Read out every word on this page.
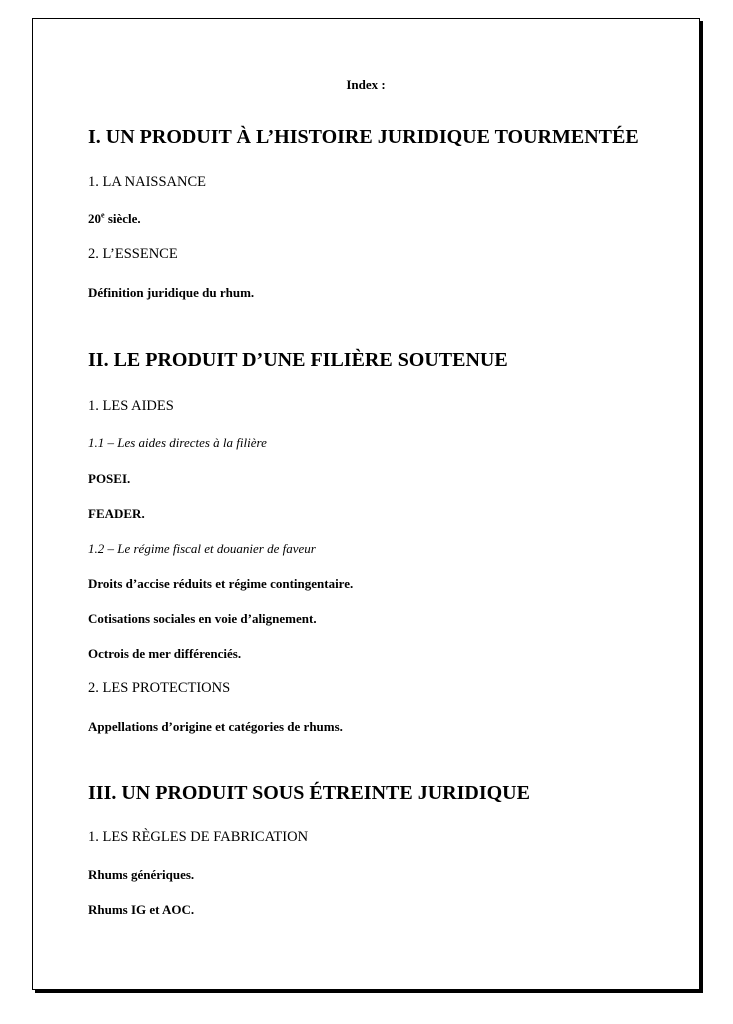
Index :
I. UN PRODUIT À L’HISTOIRE JURIDIQUE TOURMENTÉE
1. LA NAISSANCE
20e siècle.
2. L’ESSENCE
Définition juridique du rhum.
II. LE PRODUIT D’UNE FILIÈRE SOUTENUE
1. LES AIDES
1.1 – Les aides directes à la filière
POSEI.
FEADER.
1.2 – Le régime fiscal et douanier de faveur
Droits d’accise réduits et régime contingentaire.
Cotisations sociales en voie d’alignement.
Octrois de mer différenciés.
2. LES PROTECTIONS
Appellations d’origine et catégories de rhums.
III. UN PRODUIT SOUS ÉTREINTE JURIDIQUE
1. LES RÈGLES DE FABRICATION
Rhums génériques.
Rhums IG et AOC.
